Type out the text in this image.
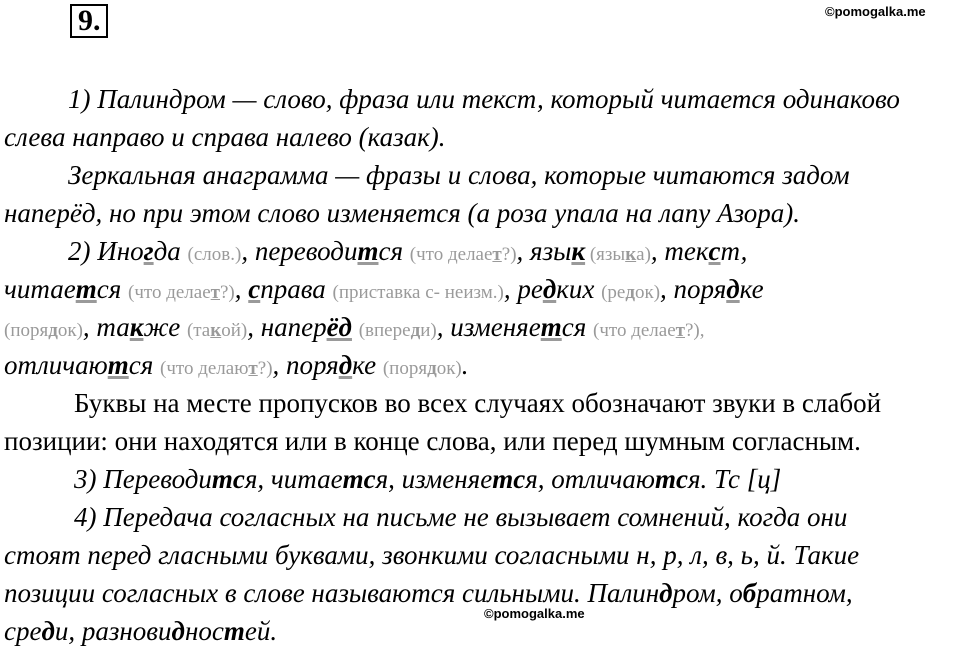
9.	©pomogalka.me
1) Палиндром — слово, фраза или текст, который читается одинаково
слева направо и справа налево (казак).
Зеркальная анаграмма — фразы и слова, которые читаются задом
наперёд, но при этом слово изменяется (а роза упала на лапу Азора).
2) Иногда (слов.), переводится (что делает?), язык (языка), текст,
читается (что делает?), справа (приставка с- неизм.), редких (редок), порядке
(порядок), также (такой), наперёд (впереди), изменяется (что делает?),
отличаются (что делают?), порядке (порядок).
Буквы на месте пропусков во всех случаях обозначают звуки в слабой
позиции: они находятся или в конце слова, или перед шумным согласным.
3) Переводится, читается, изменяется, отличаются. Тс [ц]
4) Передача согласных на письме не вызывает сомнений, когда они
стоят перед гласными буквами, звонкими согласными н, р, л, в, ь, й. Такие
позиции согласных в слове называются сильными. Палиндром, обратном,
©pomogalka.me
среди, разновидностей.
